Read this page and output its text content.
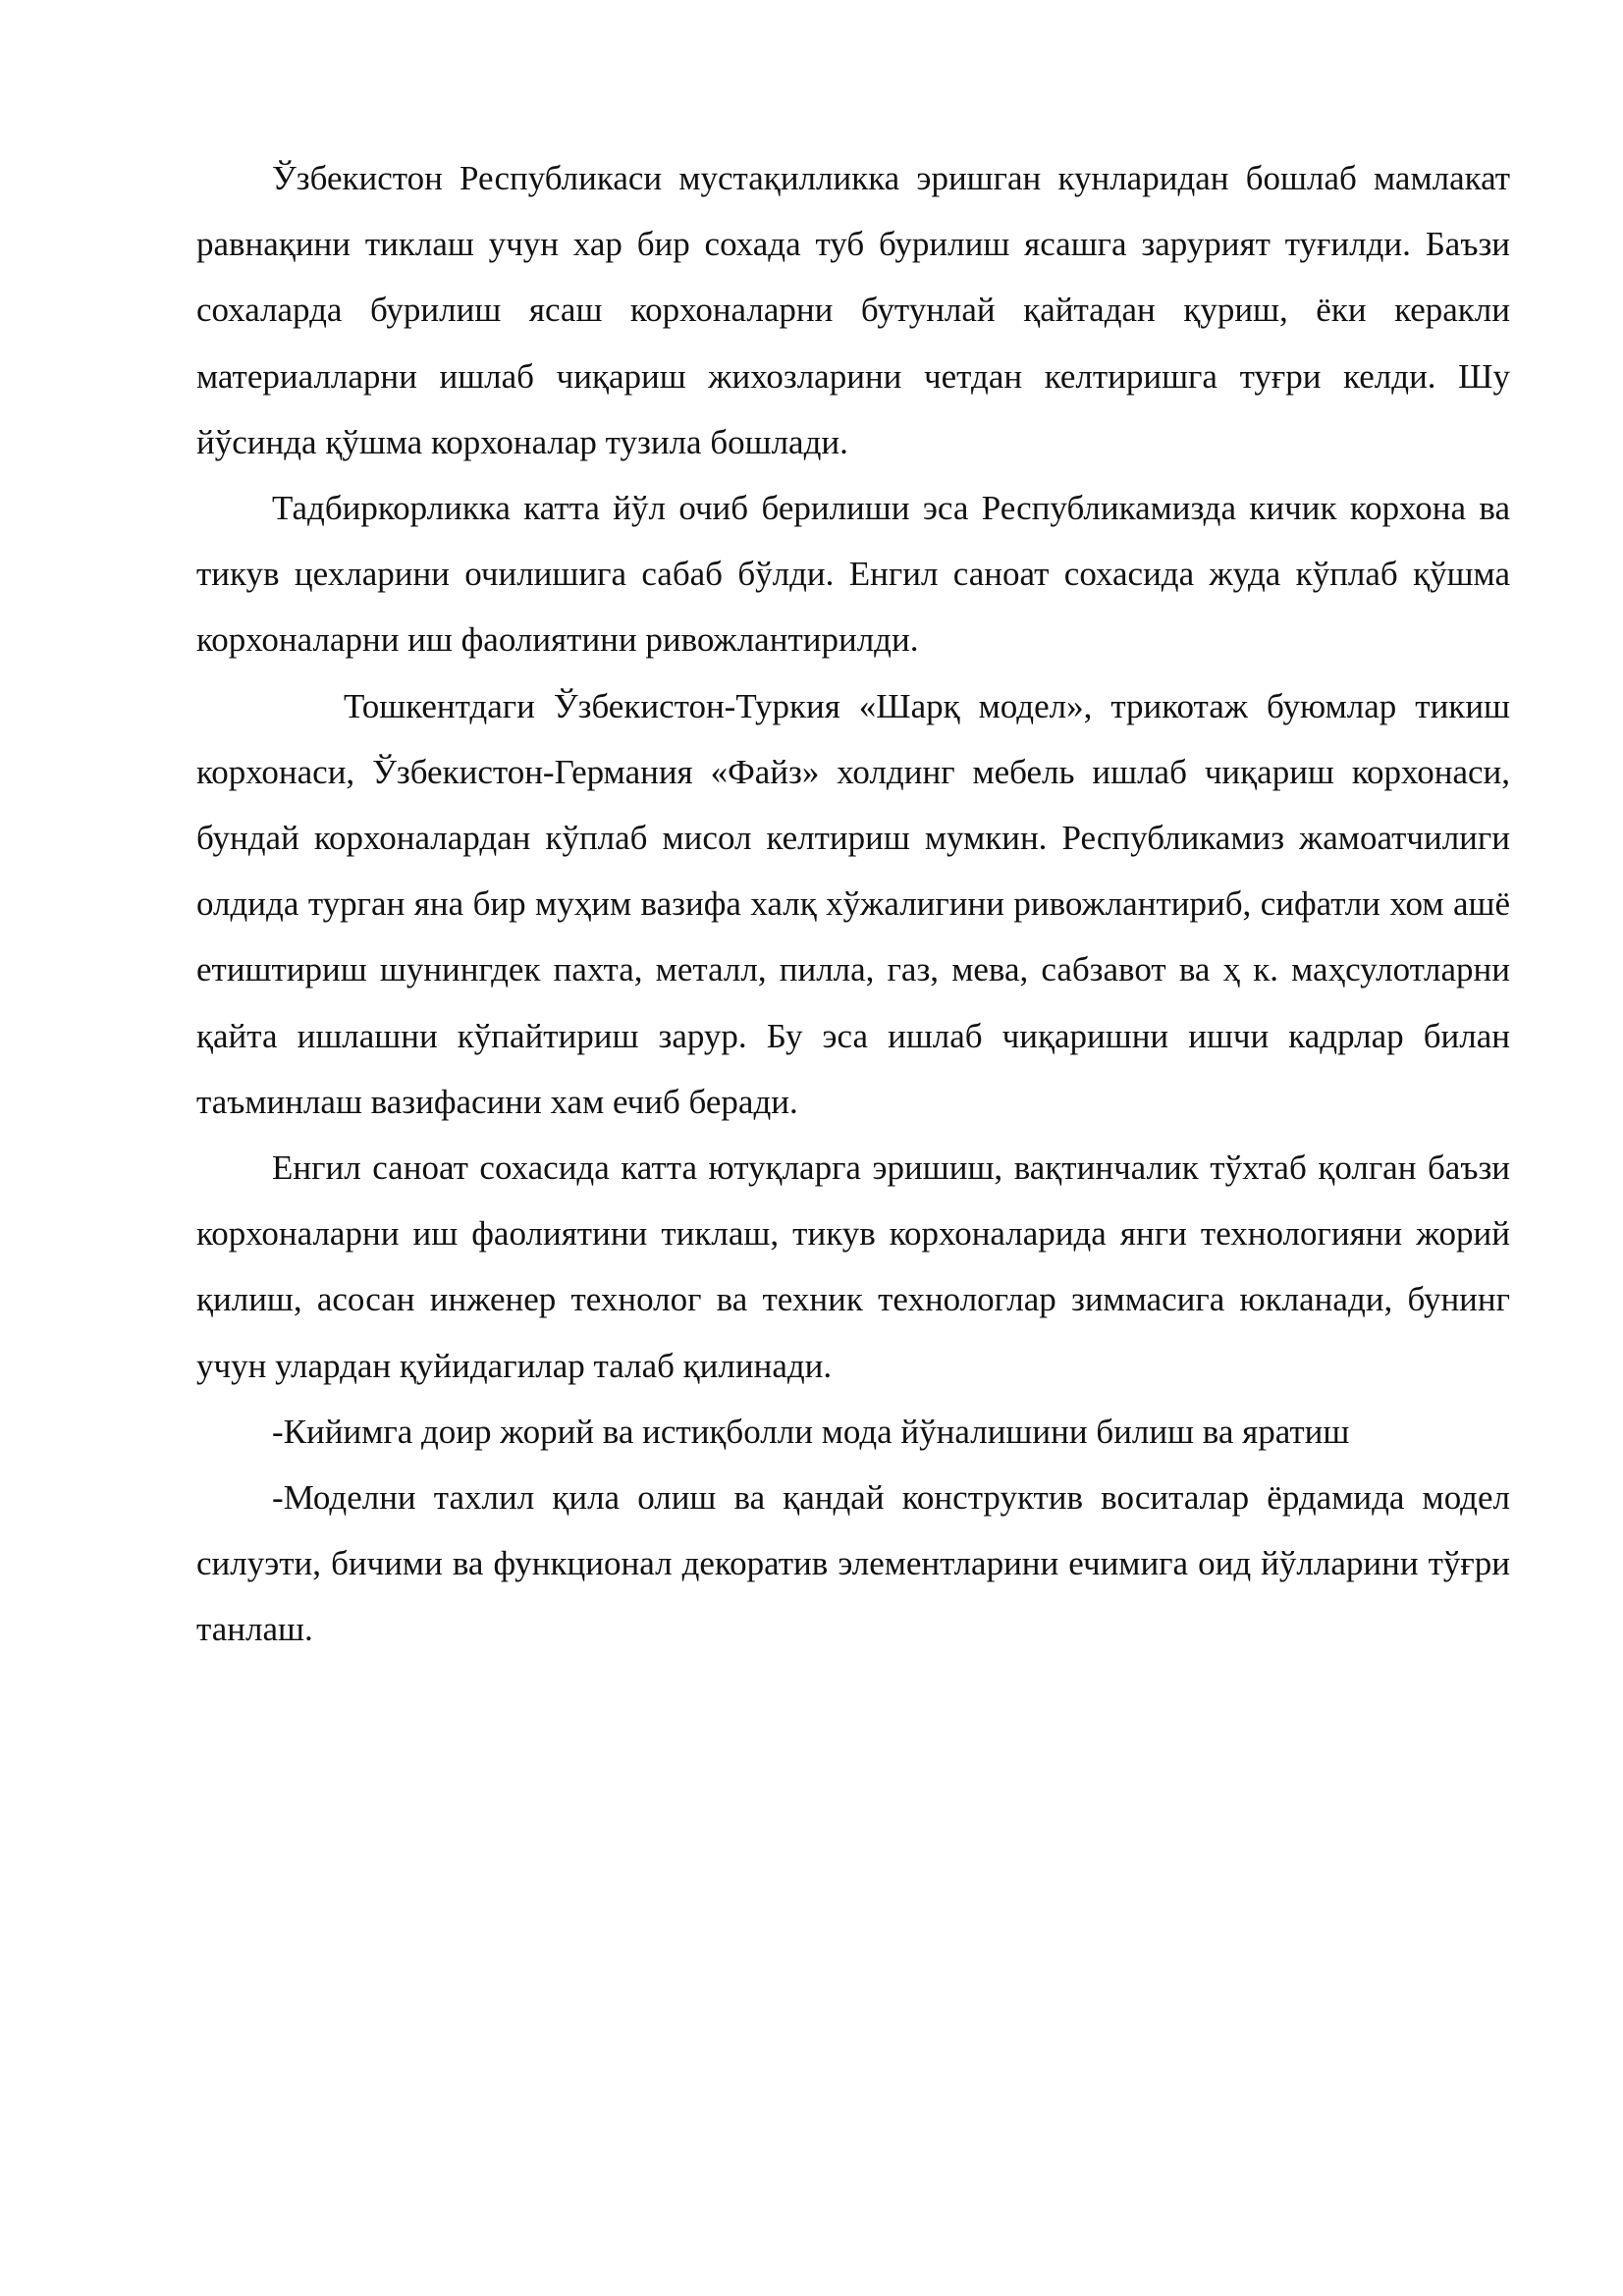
Ўзбекистон Республикаси мустақилликка эришган кунларидан бошлаб мамлакат равнақини тиклаш учун хар бир сохада туб бурилиш ясашга зарурият туғилди. Баъзи сохаларда бурилиш ясаш корхоналарни бутунлай қайтадан қуриш, ёки керакли материалларни ишлаб чиқариш жихозларини четдан келтиришга туғри келди. Шу йўсинда қўшма корхоналар тузила бошлади.

Тадбиркорликка катта йўл очиб берилиши эса Республикамизда кичик корхона ва тикув цехларини очилишига сабаб бўлди. Енгил саноат сохасида жуда кўплаб қўшма корхоналарни иш фаолиятини ривожлантирилди.

Тошкентдаги Ўзбекистон-Туркия «Шарқ модел», трикотаж буюмлар тикиш корхонаси, Ўзбекистон-Германия «Файз» холдинг мебель ишлаб чиқариш корхонаси, бундай корхоналардан кўплаб мисол келтириш мумкин. Республикамиз жамоатчилиги олдида турган яна бир муҳим вазифа халқ хўжалигини ривожлантириб, сифатли хом ашё етиштириш шунингдек пахта, металл, пилла, газ, мева, сабзавот ва ҳ к. маҳсулотларни қайта ишлашни кўпайтириш зарур. Бу эса ишлаб чиқаришни ишчи кадрлар билан таъминлаш вазифасини хам ечиб беради.

Енгил саноат сохасида катта ютуқларга эришиш, вақтинчалик тўхтаб қолган баъзи корхоналарни иш фаолиятини тиклаш, тикув корхоналарида янги технологияни жорий қилиш, асосан инженер технолог ва техник технологлар зиммасига юкланади, бунинг учун улардан қуйидагилар талаб қилинади.

-Кийимга доир жорий ва истиқболли мода йўналишини билиш ва яратиш

-Моделни тахлил қила олиш ва қандай конструктив воситалар ёрдамида модел силуэти, бичими ва функционал декоратив элементларини ечимига оид йўлларини тўғри танлаш.
